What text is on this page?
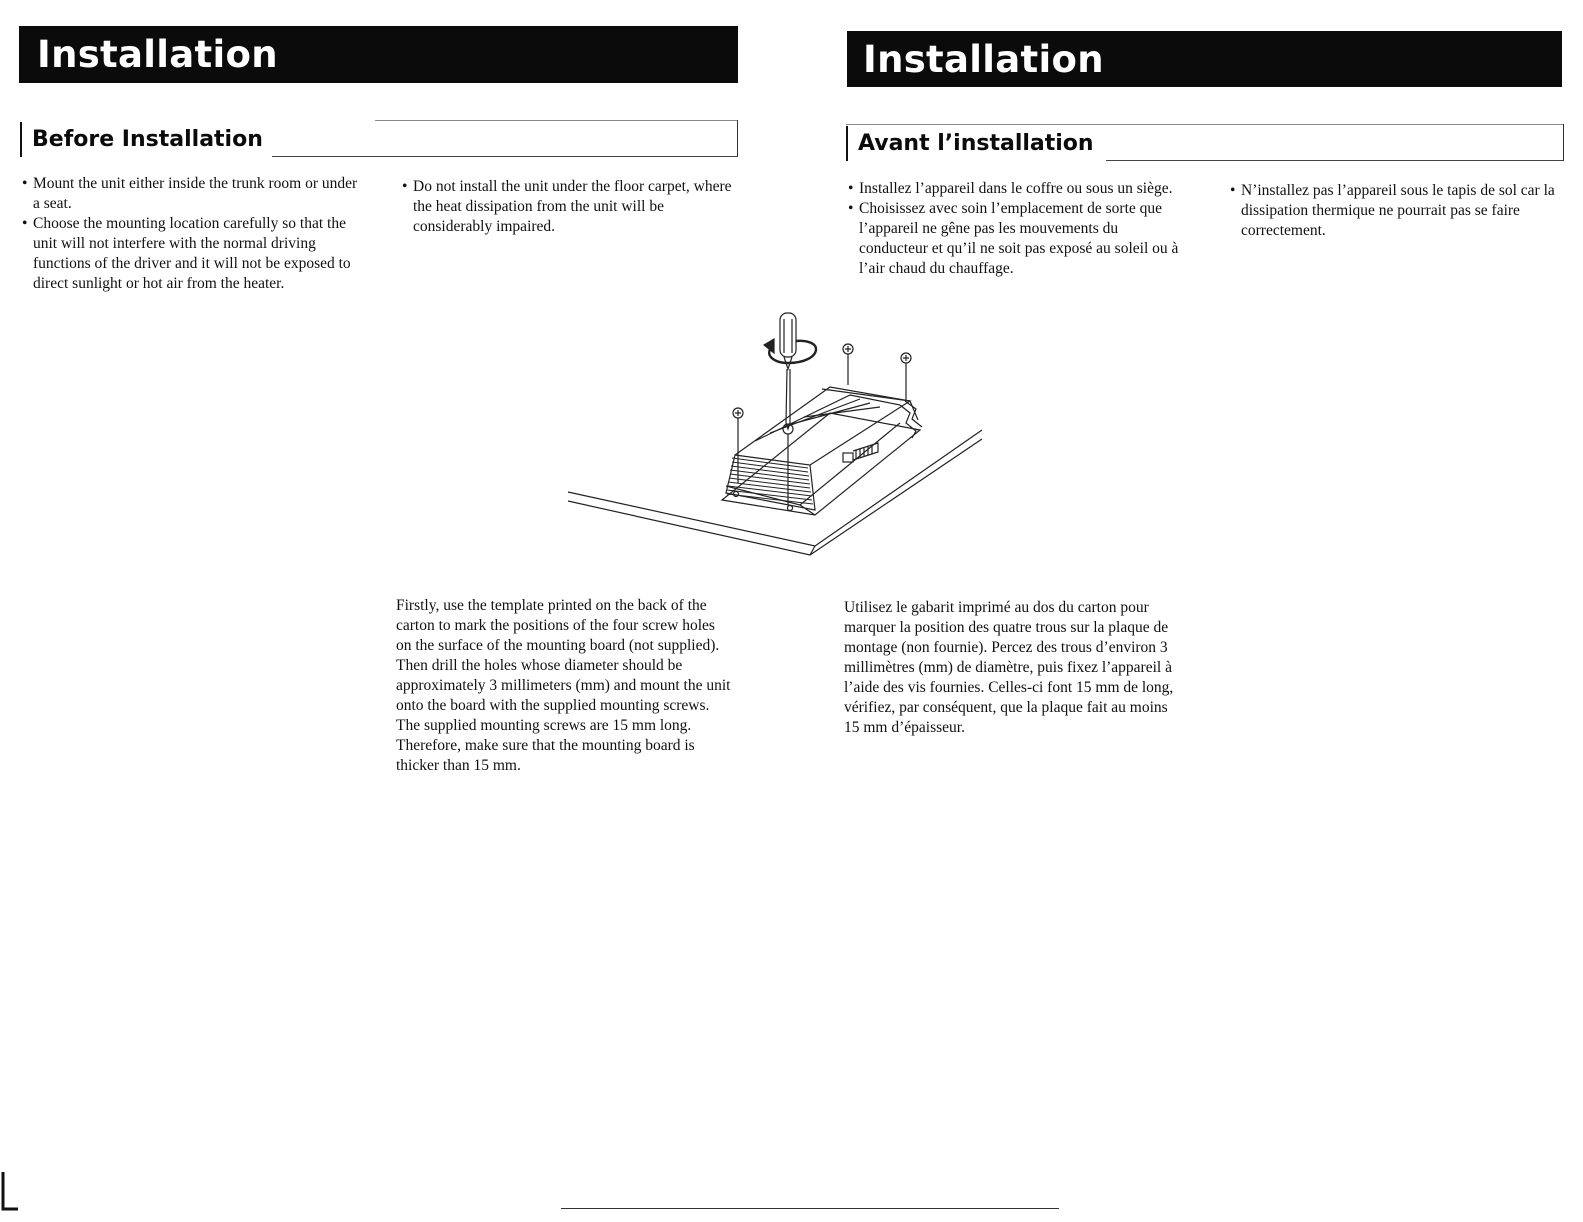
Installation	Installation
Before Installation	Avant l’installation
• Mount the unit either inside the trunk room or under a seat.
• Choose the mounting location carefully so that the unit will not interfere with the normal driving functions of the driver and it will not be exposed to direct sunlight or hot air from the heater.
• Do not install the unit under the floor carpet, where the heat dissipation from the unit will be considerably impaired.
• Installez l’appareil dans le coffre ou sous un siège.
• Choisissez avec soin l’emplacement de sorte que l’appareil ne gêne pas les mouvements du conducteur et qu’il ne soit pas exposé au soleil ou à l’air chaud du chauffage.
• N’installez pas l’appareil sous le tapis de sol car la dissipation thermique ne pourrait pas se faire correctement.

Firstly, use the template printed on the back of the carton to mark the positions of the four screw holes on the surface of the mounting board (not supplied). Then drill the holes whose diameter should be approximately 3 millimeters (mm) and mount the unit onto the board with the supplied mounting screws. The supplied mounting screws are 15 mm long. Therefore, make sure that the mounting board is thicker than 15 mm.

Utilisez le gabarit imprimé au dos du carton pour marquer la position des quatre trous sur la plaque de montage (non fournie). Percez des trous d’environ 3 millimètres (mm) de diamètre, puis fixez l’appareil à l’aide des vis fournies. Celles-ci font 15 mm de long, vérifiez, par conséquent, que la plaque fait au moins 15 mm d’épaisseur.
